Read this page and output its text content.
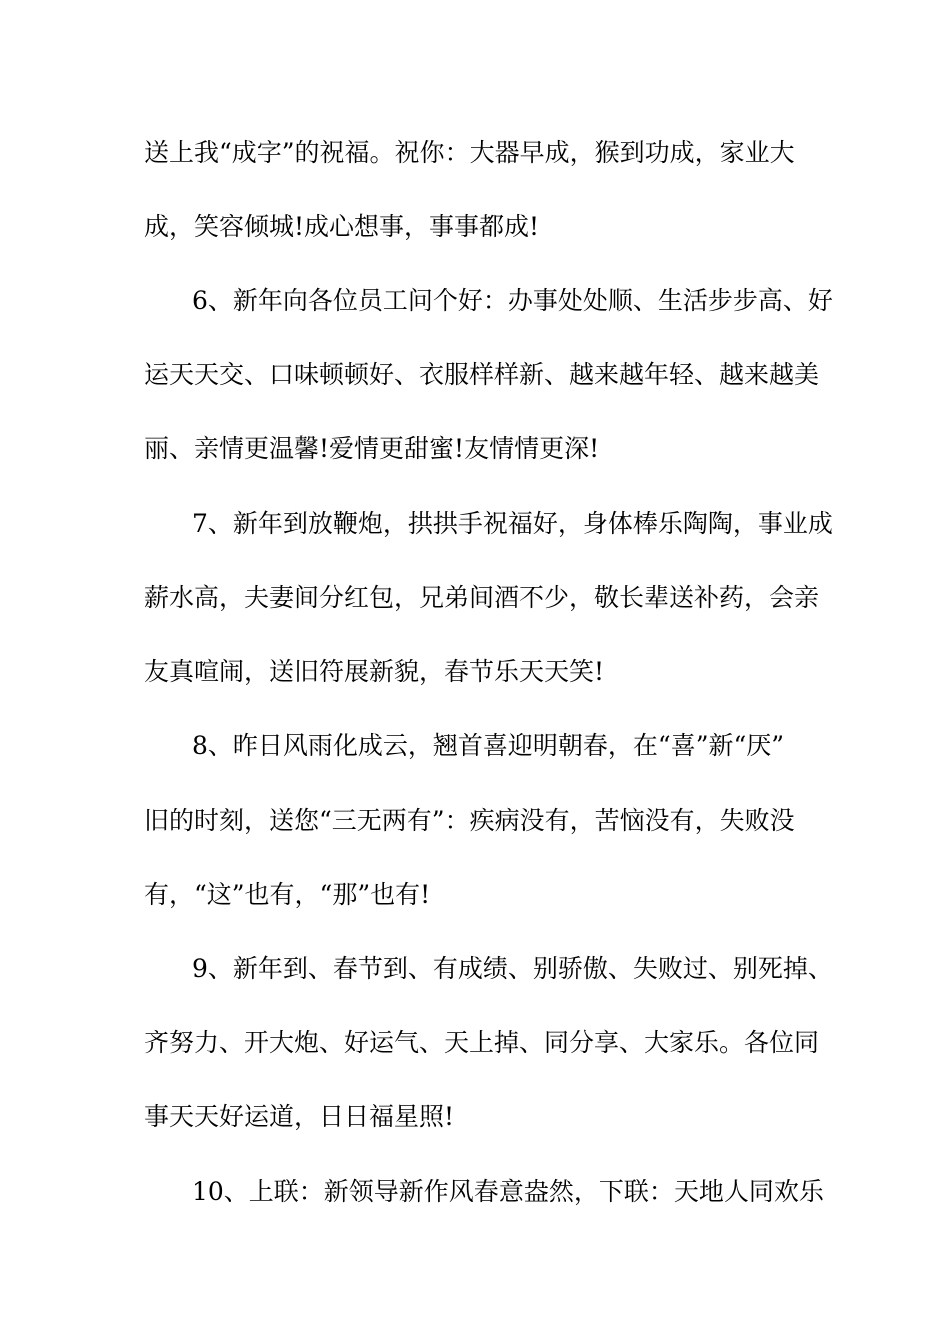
送上我“成字”的祝福。祝你：大器早成，猴到功成，家业大
成，笑容倾城!成心想事，事事都成!
6、新年向各位员工问个好：办事处处顺、生活步步高、好
运天天交、口味顿顿好、衣服样样新、越来越年轻、越来越美
丽、亲情更温馨!爱情更甜蜜!友情情更深!
7、新年到放鞭炮，拱拱手祝福好，身体棒乐陶陶，事业成
薪水高，夫妻间分红包，兄弟间酒不少，敬长辈送补药，会亲
友真喧闹，送旧符展新貌，春节乐天天笑!
8、昨日风雨化成云，翘首喜迎明朝春，在“喜”新“厌”
旧的时刻，送您“三无两有”：疾病没有，苦恼没有，失败没
有，“这”也有，“那”也有!
9、新年到、春节到、有成绩、别骄傲、失败过、别死掉、
齐努力、开大炮、好运气、天上掉、同分享、大家乐。各位同
事天天好运道，日日福星照!
10、上联：新领导新作风春意盎然，下联：天地人同欢乐
